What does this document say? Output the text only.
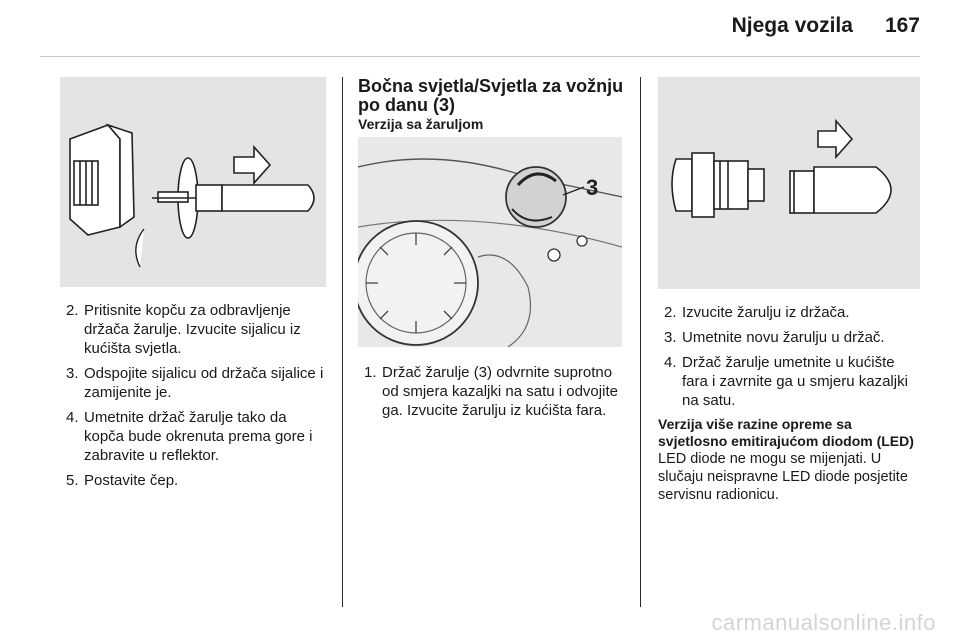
Njega vozila 167
2. Pritisnite kopču za odbravljenje držača žarulje. Izvucite sijalicu iz kućišta svjetla.
3. Odspojite sijalicu od držača sijalice i zamijenite je.
4. Umetnite držač žarulje tako da kopča bude okrenuta prema gore i zabravite u reflektor.
5. Postavite čep.
Bočna svjetla/Svjetla za vožnju po danu (3)
Verzija sa žaruljom
3
1. Držač žarulje (3) odvrnite suprotno od smjera kazaljki na satu i odvojite ga. Izvucite žarulju iz kućišta fara.
2. Izvucite žarulju iz držača.
3. Umetnite novu žarulju u držač.
4. Držač žarulje umetnite u kućište fara i zavrnite ga u smjeru kazaljki na satu.
Verzija više razine opreme sa svjetlosno emitirajućom diodom (LED)

LED diode ne mogu se mijenjati. U slučaju neispravne LED diode posjetite servisnu radionicu.

carmanualsonline.info
